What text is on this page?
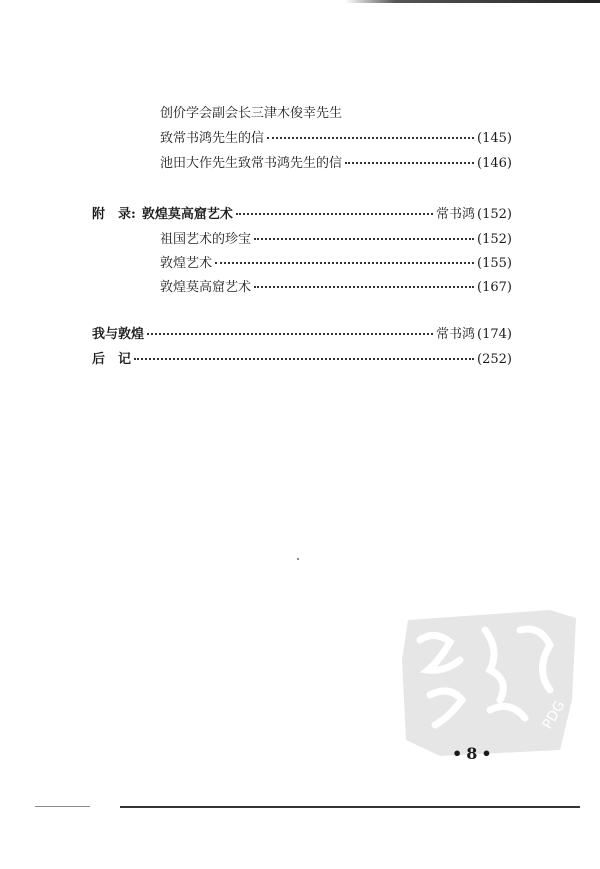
创价学会副会长三津木俊幸先生
致常书鸿先生的信	(145)
池田大作先生致常书鸿先生的信	(146)
附　录: 敦煌莫高窟艺术	常书鸿 (152)
祖国艺术的珍宝	(152)
敦煌艺术	(155)
敦煌莫高窟艺术	(167)
我与敦煌	常书鸿 (174)
后　记	(252)
PDG
•8•
